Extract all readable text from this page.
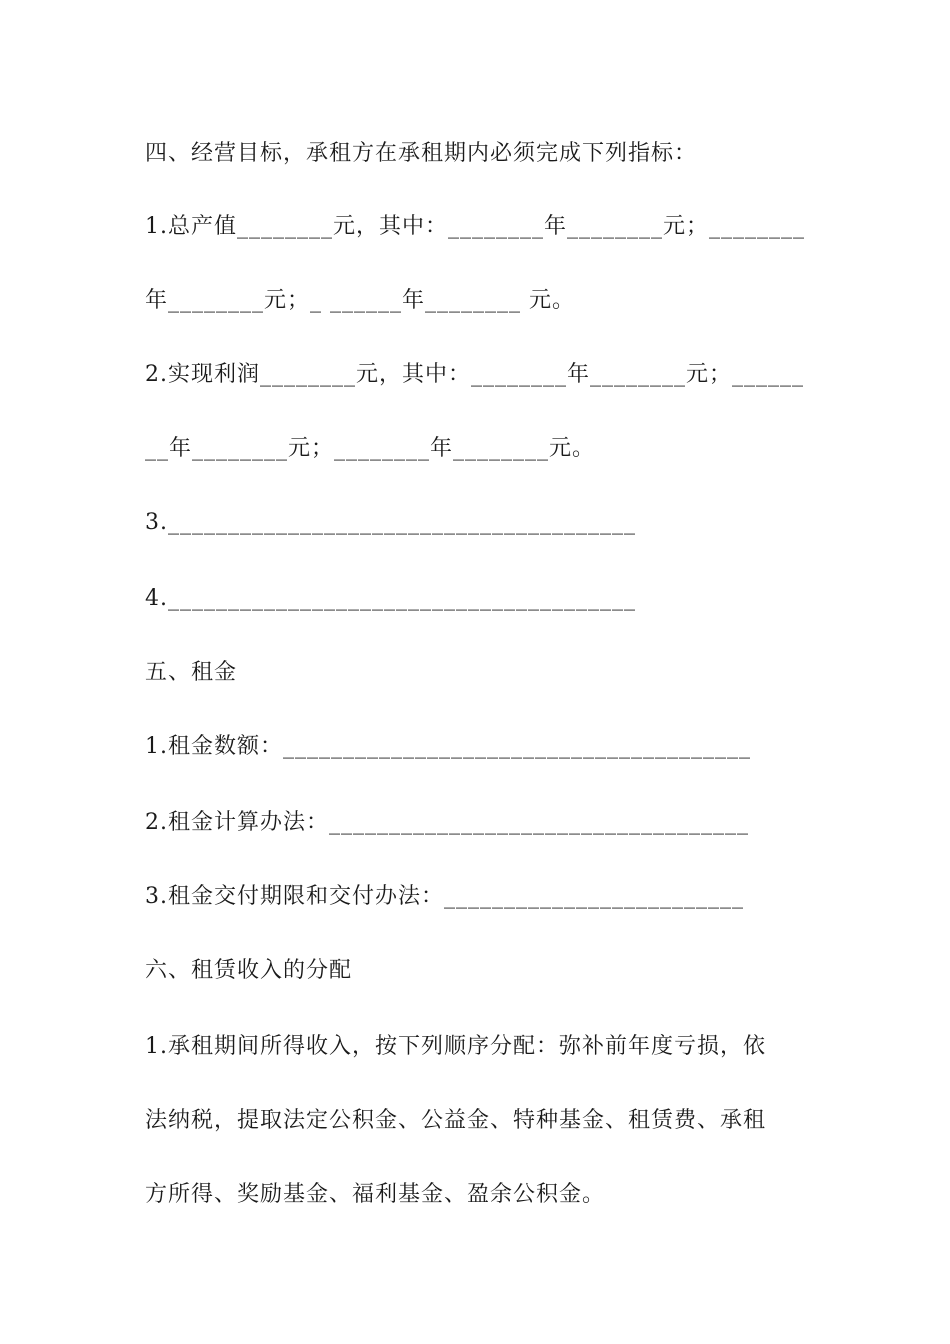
四、经营目标，承租方在承租期内必须完成下列指标：
1.总产值________元，其中：________年________元；________
年________元；_ ______年________ 元。
2.实现利润________元，其中：________年________元；______
__年________元；________年________元。
3._______________________________________
4._______________________________________
五、租金
1.租金数额：_______________________________________
2.租金计算办法：___________________________________
3.租金交付期限和交付办法：_________________________
六、租赁收入的分配
1.承租期间所得收入，按下列顺序分配：弥补前年度亏损，依
法纳税，提取法定公积金、公益金、特种基金、租赁费、承租
方所得、奖励基金、福利基金、盈余公积金。
